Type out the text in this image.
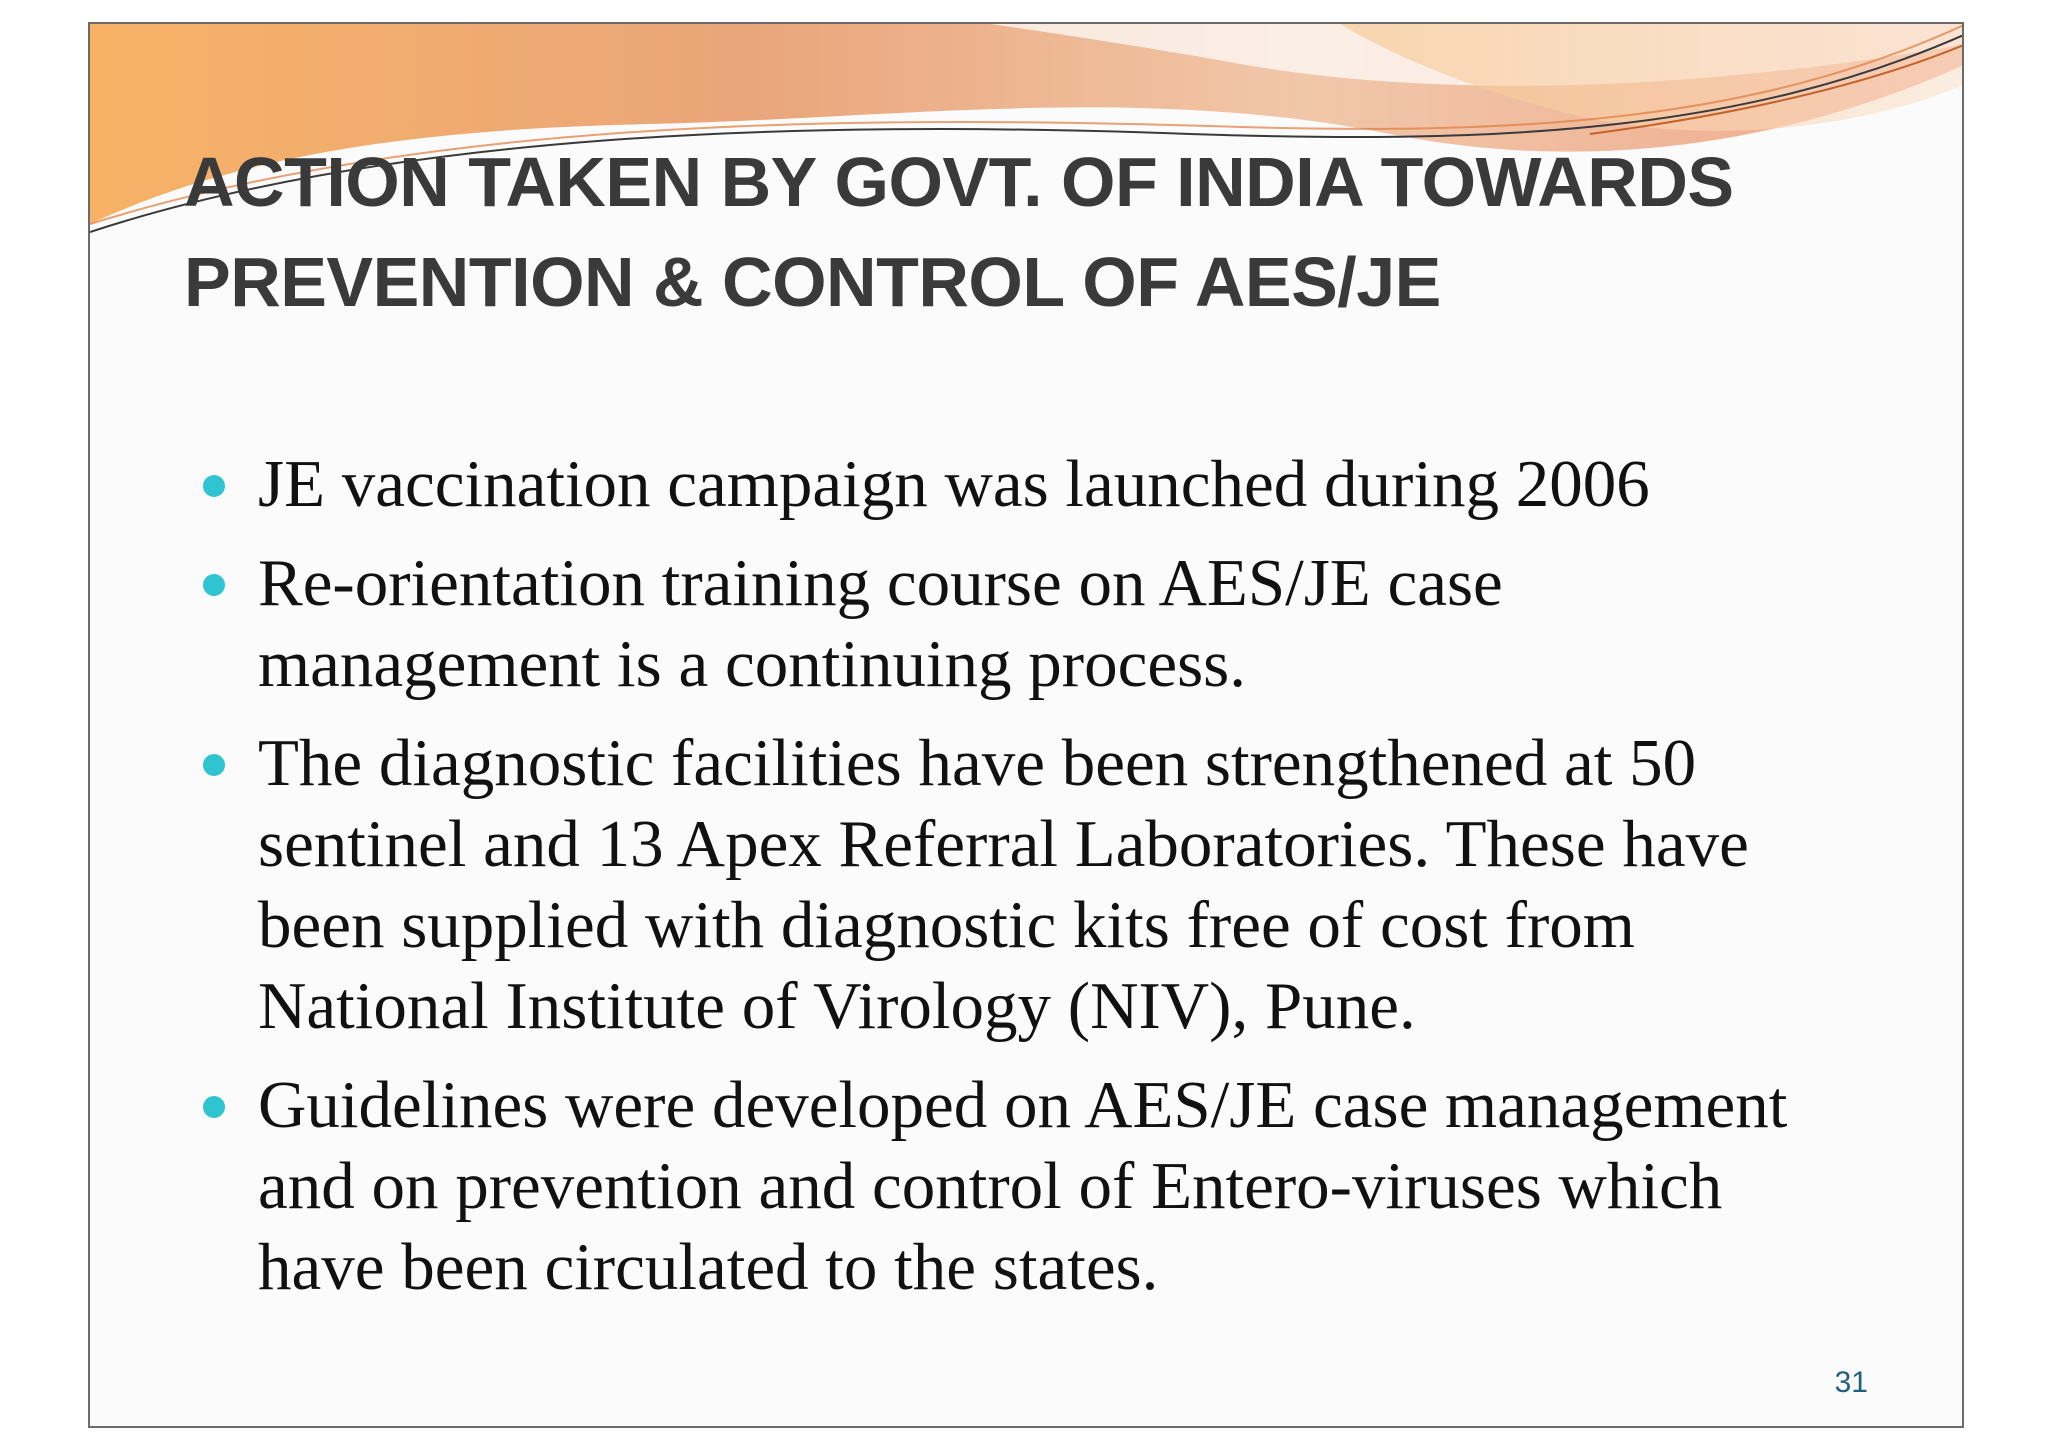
ACTION TAKEN BY GOVT. OF INDIA TOWARDS
PREVENTION & CONTROL OF AES/JE
JE vaccination campaign was launched during 2006
Re-orientation training course on AES/JE case
management is a continuing process.
The diagnostic facilities have been strengthened at 50
sentinel and 13 Apex Referral Laboratories. These have
been supplied with diagnostic kits free of cost from
National Institute of Virology (NIV), Pune.
Guidelines were developed on AES/JE case management
and on prevention and control of Entero-viruses which
have been circulated to the states.
31
